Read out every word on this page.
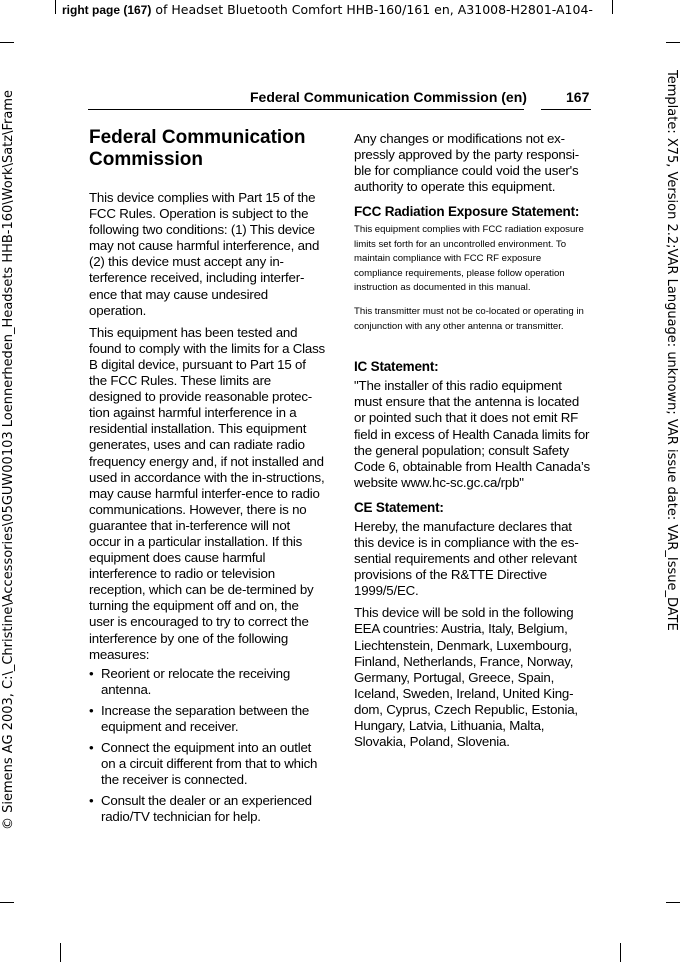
right page (167) of Headset Bluetooth Comfort HHB-160/161 en, A31008-H2801-A104-
© Siemens AG 2003, C:\_Christine\Accessories\05GUW00103 Loennerheden_Headsets HHB-160\Work\Satz\Frame	Template: X75, Version 2.2;VAR Language: unknown; VAR issue date: VAR_Issue_DATE
Federal Communication Commission (en)	167
Federal Communication Commission

This device complies with Part 15 of the FCC Rules. Operation is subject to the following two conditions: (1) This device may not cause harmful interference, and (2) this device must accept any in-terference received, including interfer-ence that may cause undesired operation.

This equipment has been tested and found to comply with the limits for a Class B digital device, pursuant to Part 15 of the FCC Rules. These limits are designed to provide reasonable protec-tion against harmful interference in a residential installation. This equipment generates, uses and can radiate radio frequency energy and, if not installed and used in accordance with the in-structions, may cause harmful interfer-ence to radio communications. However, there is no guarantee that in-terference will not occur in a particular installation. If this equipment does cause harmful interference to radio or television reception, which can be de-termined by turning the equipment off and on, the user is encouraged to try to correct the interference by one of the following measures:

• Reorient or relocate the receiving antenna.
• Increase the separation between the equipment and receiver.
• Connect the equipment into an outlet on a circuit different from that to which the receiver is connected.
• Consult the dealer or an experienced radio/TV technician for help.

Any changes or modifications not ex-pressly approved by the party responsi-ble for compliance could void the user's authority to operate this equipment.

FCC Radiation Exposure Statement:

This equipment complies with FCC radiation exposure limits set forth for an uncontrolled environment. To maintain compliance with FCC RF exposure compliance requirements, please follow operation instruction as documented in this manual.

This transmitter must not be co-located or operating in conjunction with any other antenna or transmitter.

IC Statement:

"The installer of this radio equipment must ensure that the antenna is located or pointed such that it does not emit RF field in excess of Health Canada limits for the general population; consult Safety Code 6, obtainable from Health Canada’s website www.hc-sc.gc.ca/rpb"

CE Statement:

Hereby, the manufacture declares that this device is in compliance with the es-sential requirements and other relevant provisions of the R&TTE Directive 1999/5/EC.

This device will be sold in the following EEA countries: Austria, Italy, Belgium, Liechtenstein, Denmark, Luxembourg, Finland, Netherlands, France, Norway, Germany, Portugal, Greece, Spain, Iceland, Sweden, Ireland, United King-dom, Cyprus, Czech Republic, Estonia, Hungary, Latvia, Lithuania, Malta, Slovakia, Poland, Slovenia.
